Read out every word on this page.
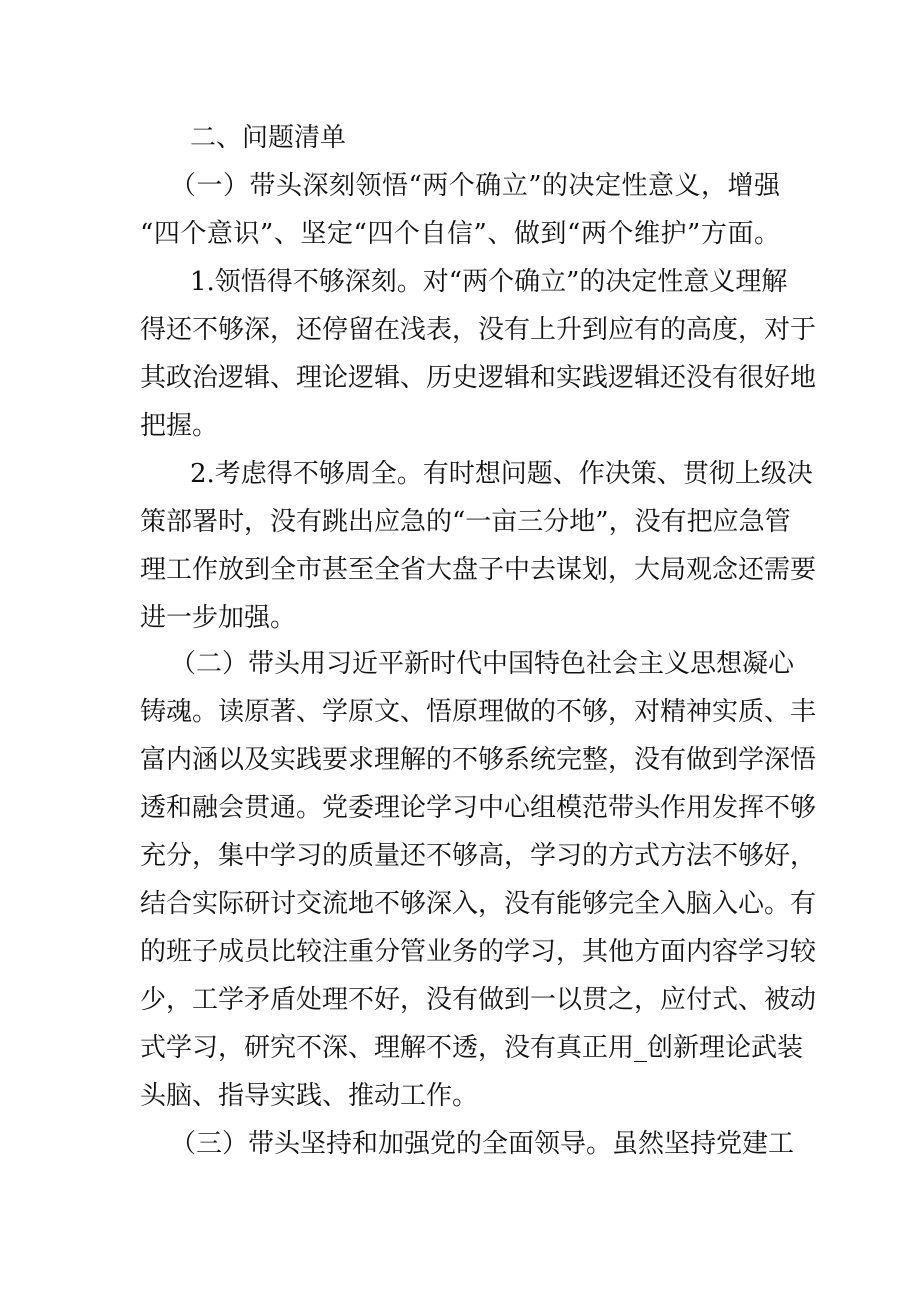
二、问题清单
（一）带头深刻领悟“两个确立”的决定性意义，增强
“四个意识”、坚定“四个自信”、做到“两个维护”方面。
1.领悟得不够深刻。对“两个确立”的决定性意义理解
得还不够深，还停留在浅表，没有上升到应有的高度，对于
其政治逻辑、理论逻辑、历史逻辑和实践逻辑还没有很好地
把握。
2.考虑得不够周全。有时想问题、作决策、贯彻上级决
策部署时，没有跳出应急的“一亩三分地”，没有把应急管
理工作放到全市甚至全省大盘子中去谋划，大局观念还需要
进一步加强。
（二）带头用习近平新时代中国特色社会主义思想凝心
铸魂。读原著、学原文、悟原理做的不够，对精神实质、丰
富内涵以及实践要求理解的不够系统完整，没有做到学深悟
透和融会贯通。党委理论学习中心组模范带头作用发挥不够
充分，集中学习的质量还不够高，学习的方式方法不够好，
结合实际研讨交流地不够深入，没有能够完全入脑入心。有
的班子成员比较注重分管业务的学习，其他方面内容学习较
少，工学矛盾处理不好，没有做到一以贯之，应付式、被动
式学习，研究不深、理解不透，没有真正用_创新理论武装
头脑、指导实践、推动工作。
（三）带头坚持和加强党的全面领导。虽然坚持党建工
